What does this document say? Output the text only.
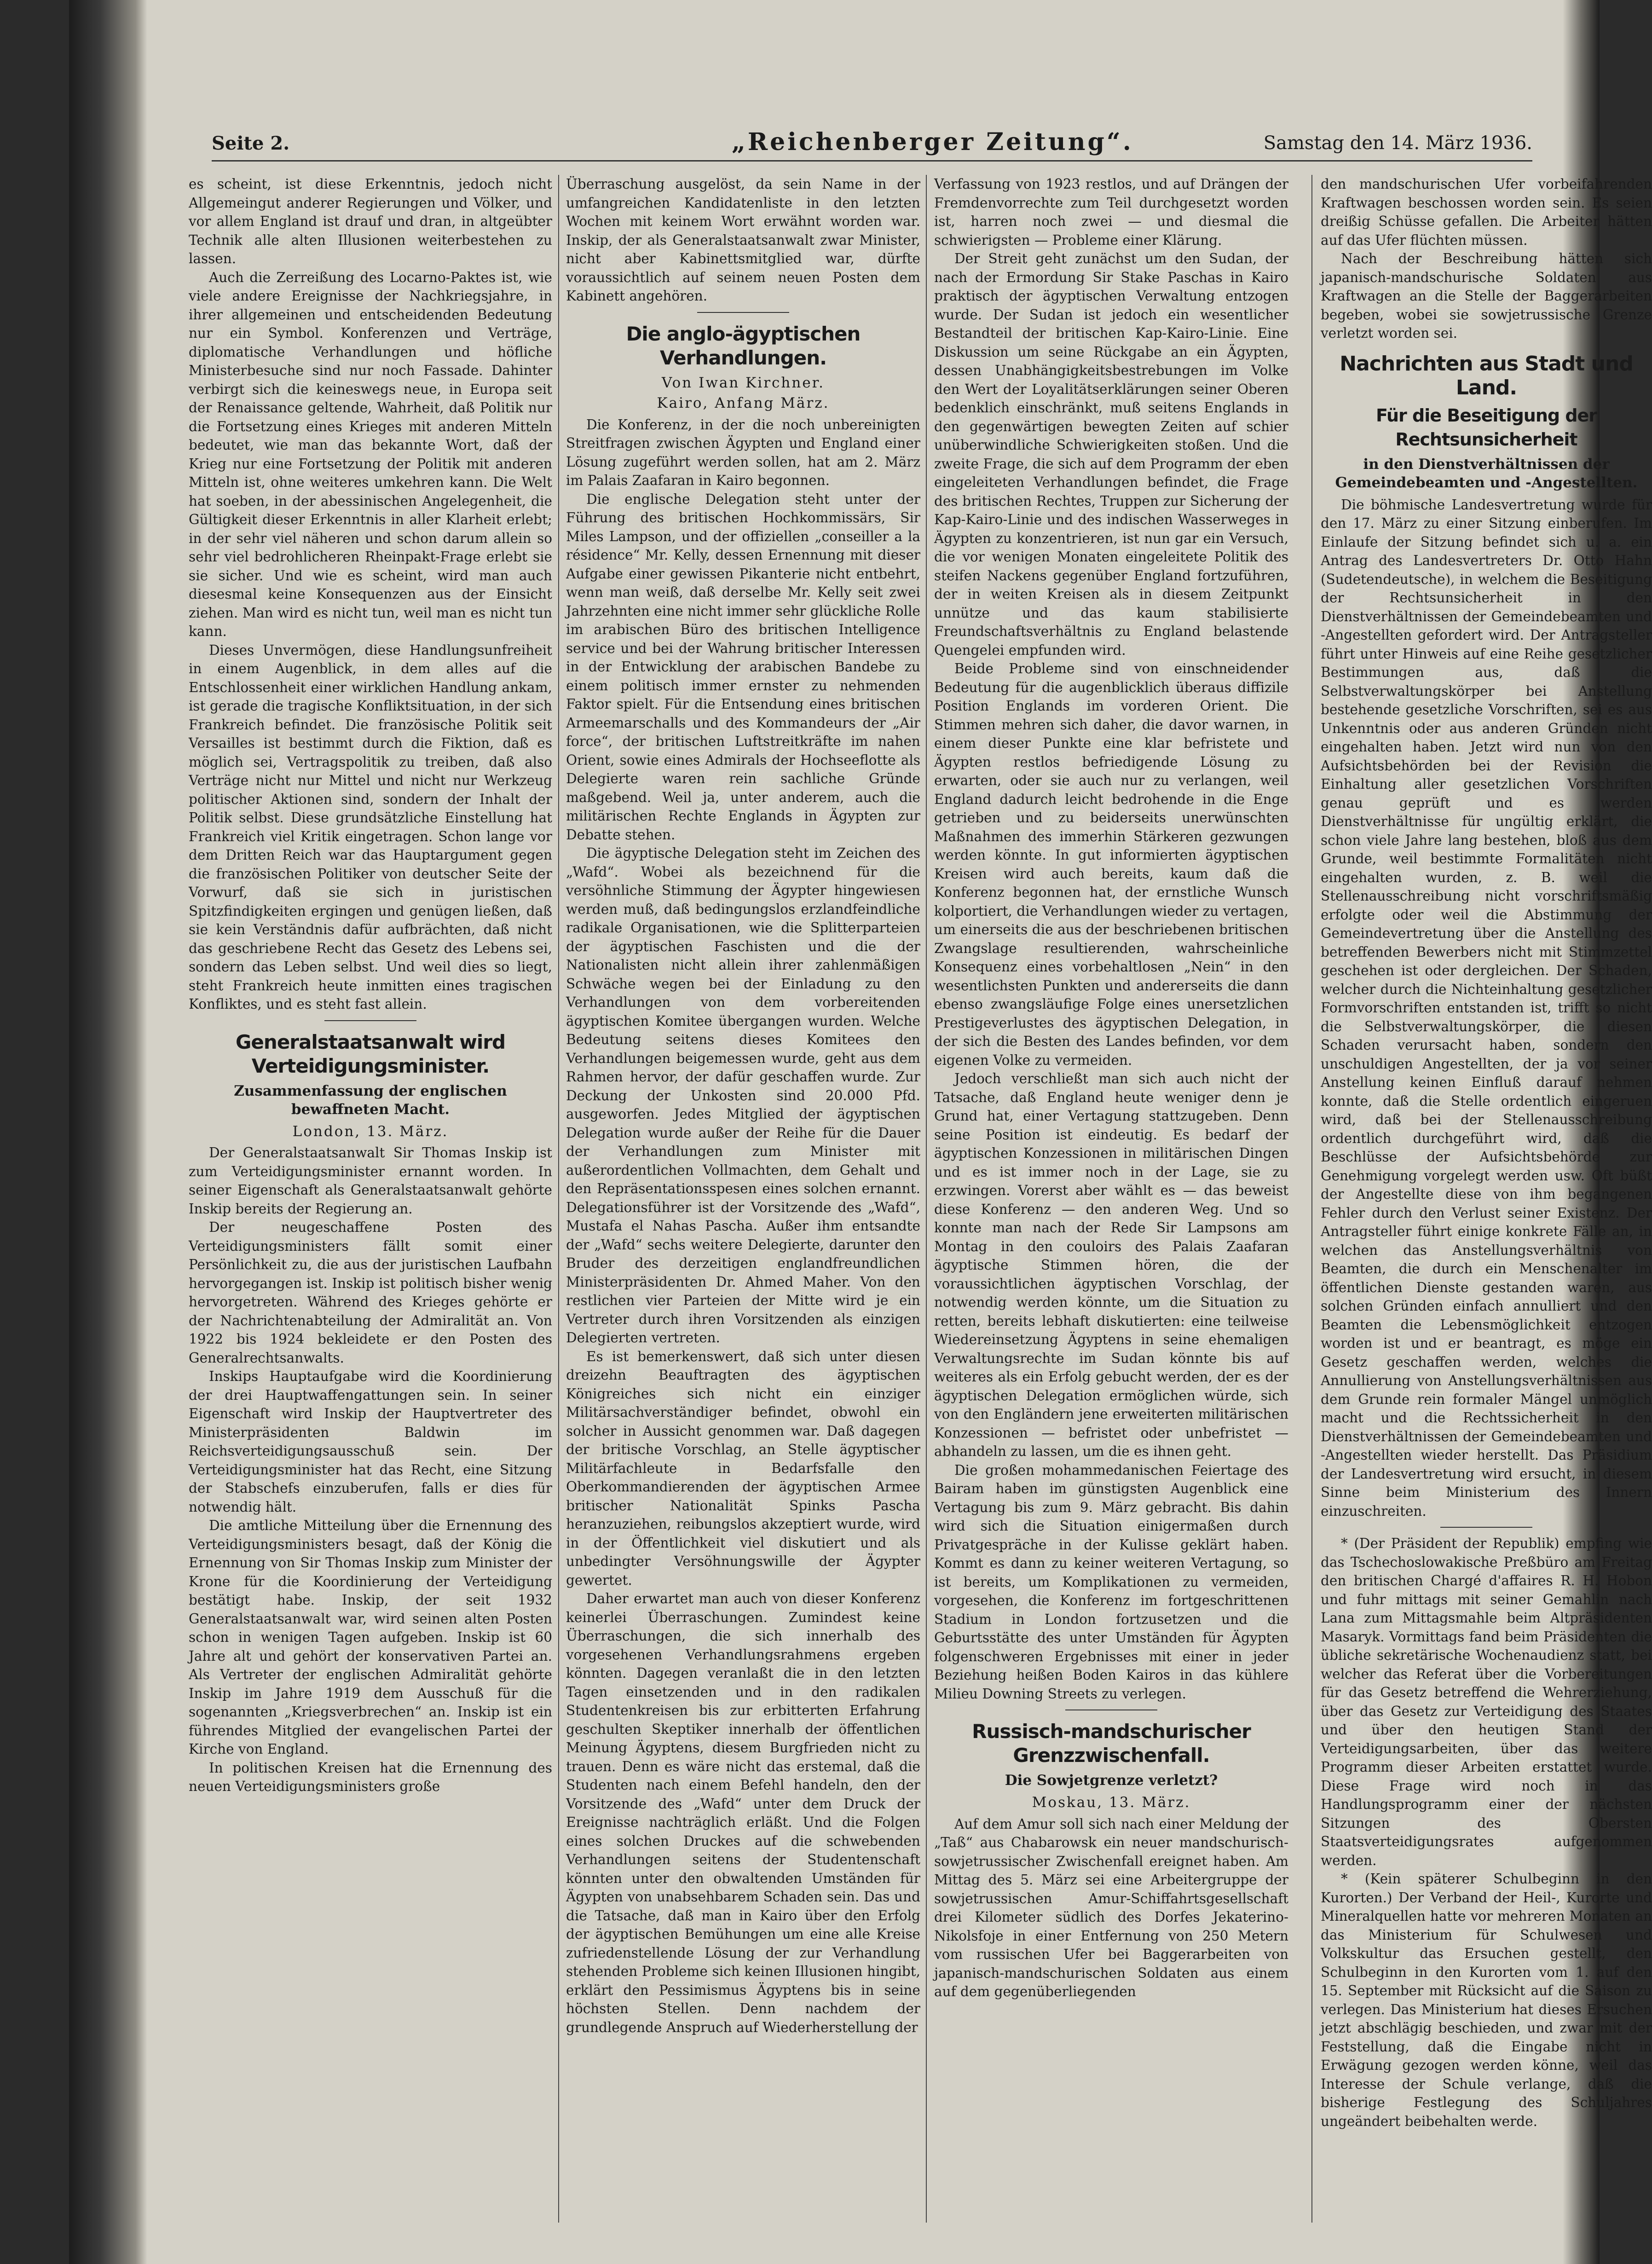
Seite 2.	„Reichenberger Zeitung“.	Samstag den 14. März 1936.

es scheint, ist diese Erkenntnis, jedoch nicht Allgemeingut anderer Regierungen und Völker, und vor allem England ist drauf und dran, in altgeübter Technik alle alten Illusionen weiterbestehen zu lassen.

Auch die Zerreißung des Locarno-Paktes ist, wie viele andere Ereignisse der Nachkriegsjahre, in ihrer allgemeinen und entscheidenden Bedeutung nur ein Symbol. Konferenzen und Verträge, diplomatische Verhandlungen und höfliche Ministerbesuche sind nur noch Fassade. Dahinter verbirgt sich die keineswegs neue, in Europa seit der Renaissance geltende, Wahrheit, daß Politik nur die Fortsetzung eines Krieges mit anderen Mitteln bedeutet, wie man das bekannte Wort, daß der Krieg nur eine Fortsetzung der Politik mit anderen Mitteln ist, ohne weiteres umkehren kann. Die Welt hat soeben, in der abessinischen Angelegenheit, die Gültigkeit dieser Erkenntnis in aller Klarheit erlebt; in der sehr viel näheren und schon darum allein so sehr viel bedrohlicheren Rheinpakt-Frage erlebt sie sie sicher. Und wie es scheint, wird man auch diesesmal keine Konsequenzen aus der Einsicht ziehen. Man wird es nicht tun, weil man es nicht tun kann.

Dieses Unvermögen, diese Handlungsunfreiheit in einem Augenblick, in dem alles auf die Entschlossenheit einer wirklichen Handlung ankam, ist gerade die tragische Konfliktsituation, in der sich Frankreich befindet. Die französische Politik seit Versailles ist bestimmt durch die Fiktion, daß es möglich sei, Vertragspolitik zu treiben, daß also Verträge nicht nur Mittel und nicht nur Werkzeug politischer Aktionen sind, sondern der Inhalt der Politik selbst. Diese grundsätzliche Einstellung hat Frankreich viel Kritik eingetragen. Schon lange vor dem Dritten Reich war das Hauptargument gegen die französischen Politiker von deutscher Seite der Vorwurf, daß sie sich in juristischen Spitzfindigkeiten ergingen und genügen ließen, daß sie kein Verständnis dafür aufbrächten, daß nicht das geschriebene Recht das Gesetz des Lebens sei, sondern das Leben selbst. Und weil dies so liegt, steht Frankreich heute inmitten eines tragischen Konfliktes, und es steht fast allein.

Generalstaatsanwalt wird Verteidigungsminister.
Zusammenfassung der englischen bewaffneten Macht.
London, 13. März.

Der Generalstaatsanwalt Sir Thomas Inskip ist zum Verteidigungsminister ernannt worden. In seiner Eigenschaft als Generalstaatsanwalt gehörte Inskip bereits der Regierung an.

Der neugeschaffene Posten des Verteidigungsministers fällt somit einer Persönlichkeit zu, die aus der juristischen Laufbahn hervorgegangen ist. Inskip ist politisch bisher wenig hervorgetreten. Während des Krieges gehörte er der Nachrichtenabteilung der Admiralität an. Von 1922 bis 1924 bekleidete er den Posten des Generalrechtsanwalts.

Inskips Hauptaufgabe wird die Koordinierung der drei Hauptwaffengattungen sein. In seiner Eigenschaft wird Inskip der Hauptvertreter des Ministerpräsidenten Baldwin im Reichsverteidigungsausschuß sein. Der Verteidigungsminister hat das Recht, eine Sitzung der Stabschefs einzuberufen, falls er dies für notwendig hält.

Die amtliche Mitteilung über die Ernennung des Verteidigungsministers besagt, daß der König die Ernennung von Sir Thomas Inskip zum Minister der Krone für die Koordinierung der Verteidigung bestätigt habe. Inskip, der seit 1932 Generalstaatsanwalt war, wird seinen alten Posten schon in wenigen Tagen aufgeben. Inskip ist 60 Jahre alt und gehört der konservativen Partei an. Als Vertreter der englischen Admiralität gehörte Inskip im Jahre 1919 dem Ausschuß für die sogenannten „Kriegsverbrechen“ an. Inskip ist ein führendes Mitglied der evangelischen Partei der Kirche von England.

In politischen Kreisen hat die Ernennung des neuen Verteidigungsministers große

Überraschung ausgelöst, da sein Name in der umfangreichen Kandidatenliste in den letzten Wochen mit keinem Wort erwähnt worden war. Inskip, der als Generalstaatsanwalt zwar Minister, nicht aber Kabinettsmitglied war, dürfte voraussichtlich auf seinem neuen Posten dem Kabinett angehören.

Die anglo-ägyptischen Verhandlungen.
Von Iwan Kirchner.
Kairo, Anfang März.

Die Konferenz, in der die noch unbereinigten Streitfragen zwischen Ägypten und England einer Lösung zugeführt werden sollen, hat am 2. März im Palais Zaafaran in Kairo begonnen.

Die englische Delegation steht unter der Führung des britischen Hochkommissärs, Sir Miles Lampson, und der offiziellen „conseiller a la résidence“ Mr. Kelly, dessen Ernennung mit dieser Aufgabe einer gewissen Pikanterie nicht entbehrt, wenn man weiß, daß derselbe Mr. Kelly seit zwei Jahrzehnten eine nicht immer sehr glückliche Rolle im arabischen Büro des britischen Intelligence service und bei der Wahrung britischer Interessen in der Entwicklung der arabischen Bandebe zu einem politisch immer ernster zu nehmenden Faktor spielt. Für die Entsendung eines britischen Armeemarschalls und des Kommandeurs der „Air force“, der britischen Luftstreitkräfte im nahen Orient, sowie eines Admirals der Hochseeflotte als Delegierte waren rein sachliche Gründe maßgebend. Weil ja, unter anderem, auch die militärischen Rechte Englands in Ägypten zur Debatte stehen.

Die ägyptische Delegation steht im Zeichen des „Wafd“. Wobei als bezeichnend für die versöhnliche Stimmung der Ägypter hingewiesen werden muß, daß bedingungslos erzlandfeindliche radikale Organisationen, wie die Splitterparteien der ägyptischen Faschisten und die der Nationalisten nicht allein ihrer zahlenmäßigen Schwäche wegen bei der Einladung zu den Verhandlungen von dem vorbereitenden ägyptischen Komitee übergangen wurden. Welche Bedeutung seitens dieses Komitees den Verhandlungen beigemessen wurde, geht aus dem Rahmen hervor, der dafür geschaffen wurde. Zur Deckung der Unkosten sind 20.000 Pfd. ausgeworfen. Jedes Mitglied der ägyptischen Delegation wurde außer der Reihe für die Dauer der Verhandlungen zum Minister mit außerordentlichen Vollmachten, dem Gehalt und den Repräsentationsspesen eines solchen ernannt. Delegationsführer ist der Vorsitzende des „Wafd“, Mustafa el Nahas Pascha. Außer ihm entsandte der „Wafd“ sechs weitere Delegierte, darunter den Bruder des derzeitigen englandfreundlichen Ministerpräsidenten Dr. Ahmed Maher. Von den restlichen vier Parteien der Mitte wird je ein Vertreter durch ihren Vorsitzenden als einzigen Delegierten vertreten.

Es ist bemerkenswert, daß sich unter diesen dreizehn Beauftragten des ägyptischen Königreiches sich nicht ein einziger Militärsachverständiger befindet, obwohl ein solcher in Aussicht genommen war. Daß dagegen der britische Vorschlag, an Stelle ägyptischer Militärfachleute in Bedarfsfalle den Oberkommandierenden der ägyptischen Armee britischer Nationalität Spinks Pascha heranzuziehen, reibungslos akzeptiert wurde, wird in der Öffentlichkeit viel diskutiert und als unbedingter Versöhnungswille der Ägypter gewertet.

Daher erwartet man auch von dieser Konferenz keinerlei Überraschungen. Zumindest keine Überraschungen, die sich innerhalb des vorgesehenen Verhandlungsrahmens ergeben könnten. Dagegen veranlaßt die in den letzten Tagen einsetzenden und in den radikalen Studentenkreisen bis zur erbitterten Erfahrung geschulten Skeptiker innerhalb der öffentlichen Meinung Ägyptens, diesem Burgfrieden nicht zu trauen. Denn es wäre nicht das erstemal, daß die Studenten nach einem Befehl handeln, den der Vorsitzende des „Wafd“ unter dem Druck der Ereignisse nachträglich erläßt. Und die Folgen eines solchen Druckes auf die schwebenden Verhandlungen seitens der Studentenschaft könnten unter den obwaltenden Umständen für Ägypten von unabsehbarem Schaden sein. Das und die Tatsache, daß man in Kairo über den Erfolg der ägyptischen Bemühungen um eine alle Kreise zufriedenstellende Lösung der zur Verhandlung stehenden Probleme sich keinen Illusionen hingibt, erklärt den Pessimismus Ägyptens bis in seine höchsten Stellen. Denn nachdem der grundlegende Anspruch auf Wiederherstellung der

Verfassung von 1923 restlos, und auf Drängen der Fremdenvorrechte zum Teil durchgesetzt worden ist, harren noch zwei — und diesmal die schwierigsten — Probleme einer Klärung.

Der Streit geht zunächst um den Sudan, der nach der Ermordung Sir Stake Paschas in Kairo praktisch der ägyptischen Verwaltung entzogen wurde. Der Sudan ist jedoch ein wesentlicher Bestandteil der britischen Kap-Kairo-Linie. Eine Diskussion um seine Rückgabe an ein Ägypten, dessen Unabhängigkeitsbestrebungen im Volke den Wert der Loyalitätserklärungen seiner Oberen bedenklich einschränkt, muß seitens Englands in den gegenwärtigen bewegten Zeiten auf schier unüberwindliche Schwierigkeiten stoßen. Und die zweite Frage, die sich auf dem Programm der eben eingeleiteten Verhandlungen befindet, die Frage des britischen Rechtes, Truppen zur Sicherung der Kap-Kairo-Linie und des indischen Wasserweges in Ägypten zu konzentrieren, ist nun gar ein Versuch, die vor wenigen Monaten eingeleitete Politik des steifen Nackens gegenüber England fortzuführen, der in weiten Kreisen als in diesem Zeitpunkt unnütze und das kaum stabilisierte Freundschaftsverhältnis zu England belastende Quengelei empfunden wird.

Beide Probleme sind von einschneidender Bedeutung für die augenblicklich überaus diffizile Position Englands im vorderen Orient. Die Stimmen mehren sich daher, die davor warnen, in einem dieser Punkte eine klar befristete und Ägypten restlos befriedigende Lösung zu erwarten, oder sie auch nur zu verlangen, weil England dadurch leicht bedrohende in die Enge getrieben und zu beiderseits unerwünschten Maßnahmen des immerhin Stärkeren gezwungen werden könnte. In gut informierten ägyptischen Kreisen wird auch bereits, kaum daß die Konferenz begonnen hat, der ernstliche Wunsch kolportiert, die Verhandlungen wieder zu vertagen, um einerseits die aus der beschriebenen britischen Zwangslage resultierenden, wahrscheinliche Konsequenz eines vorbehaltlosen „Nein“ in den wesentlichsten Punkten und andererseits die dann ebenso zwangsläufige Folge eines unersetzlichen Prestigeverlustes des ägyptischen Delegation, in der sich die Besten des Landes befinden, vor dem eigenen Volke zu vermeiden.

Jedoch verschließt man sich auch nicht der Tatsache, daß England heute weniger denn je Grund hat, einer Vertagung stattzugeben. Denn seine Position ist eindeutig. Es bedarf der ägyptischen Konzessionen in militärischen Dingen und es ist immer noch in der Lage, sie zu erzwingen. Vorerst aber wählt es — das beweist diese Konferenz — den anderen Weg. Und so konnte man nach der Rede Sir Lampsons am Montag in den couloirs des Palais Zaafaran ägyptische Stimmen hören, die der voraussichtlichen ägyptischen Vorschlag, der notwendig werden könnte, um die Situation zu retten, bereits lebhaft diskutierten: eine teilweise Wiedereinsetzung Ägyptens in seine ehemaligen Verwaltungsrechte im Sudan könnte bis auf weiteres als ein Erfolg gebucht werden, der es der ägyptischen Delegation ermöglichen würde, sich von den Engländern jene erweiterten militärischen Konzessionen — befristet oder unbefristet — abhandeln zu lassen, um die es ihnen geht.

Die großen mohammedanischen Feiertage des Bairam haben im günstigsten Augenblick eine Vertagung bis zum 9. März gebracht. Bis dahin wird sich die Situation einigermaßen durch Privatgespräche in der Kulisse geklärt haben. Kommt es dann zu keiner weiteren Vertagung, so ist bereits, um Komplikationen zu vermeiden, vorgesehen, die Konferenz im fortgeschrittenen Stadium in London fortzusetzen und die Geburtsstätte des unter Umständen für Ägypten folgenschweren Ergebnisses mit einer in jeder Beziehung heißen Boden Kairos in das kühlere Milieu Downing Streets zu verlegen.

Russisch-mandschurischer Grenzzwischenfall.
Die Sowjetgrenze verletzt?
Moskau, 13. März.

Auf dem Amur soll sich nach einer Meldung der „Taß“ aus Chabarowsk ein neuer mandschurisch-sowjetrussischer Zwischenfall ereignet haben. Am Mittag des 5. März sei eine Arbeitergruppe der sowjetrussischen Amur-Schiffahrtsgesellschaft drei Kilometer südlich des Dorfes Jekaterino-Nikolsfoje in einer Entfernung von 250 Metern vom russischen Ufer bei Baggerarbeiten von japanisch-mandschurischen Soldaten aus einem auf dem gegenüberliegenden

den mandschurischen Ufer vorbeifahrenden Kraftwagen beschossen worden sein. Es seien dreißig Schüsse gefallen. Die Arbeiter hätten auf das Ufer flüchten müssen.

Nach der Beschreibung hätten sich japanisch-mandschurische Soldaten aus Kraftwagen an die Stelle der Baggerarbeiten begeben, wobei sie sowjetrussische Grenze verletzt worden sei.

Nachrichten aus Stadt und Land.
Für die Beseitigung der Rechtsunsicherheit
in den Dienstverhältnissen der Gemeindebeamten und -Angestellten.

Die böhmische Landesvertretung wurde für den 17. März zu einer Sitzung einberufen. Im Einlaufe der Sitzung befindet sich u. a. ein Antrag des Landesvertreters Dr. Otto Hahn (Sudetendeutsche), in welchem die Beseitigung der Rechtsunsicherheit in den Dienstverhältnissen der Gemeindebeamten und -Angestellten gefordert wird. Der Antragsteller führt unter Hinweis auf eine Reihe gesetzlicher Bestimmungen aus, daß die Selbstverwaltungskörper bei Anstellung bestehende gesetzliche Vorschriften, sei es aus Unkenntnis oder aus anderen Gründen nicht eingehalten haben. Jetzt wird nun von den Aufsichtsbehörden bei der Revision die Einhaltung aller gesetzlichen Vorschriften genau geprüft und es werden Dienstverhältnisse für ungültig erklärt, die schon viele Jahre lang bestehen, bloß aus dem Grunde, weil bestimmte Formalitäten nicht eingehalten wurden, z. B. weil die Stellenausschreibung nicht vorschriftsmäßig erfolgte oder weil die Abstimmung der Gemeindevertretung über die Anstellung des betreffenden Bewerbers nicht mit Stimmzettel geschehen ist oder dergleichen. Der Schaden, welcher durch die Nichteinhaltung gesetzlicher Formvorschriften entstanden ist, trifft so nicht die Selbstverwaltungskörper, die diesen Schaden verursacht haben, sondern den unschuldigen Angestellten, der ja vor seiner Anstellung keinen Einfluß darauf nehmen konnte, daß die Stelle ordentlich eingeruen wird, daß bei der Stellenausschreibung ordentlich durchgeführt wird, daß die Beschlüsse der Aufsichtsbehörde zur Genehmigung vorgelegt werden usw. Oft büßt der Angestellte diese von ihm begangenen Fehler durch den Verlust seiner Existenz. Der Antragsteller führt einige konkrete Fälle an, in welchen das Anstellungsverhältnis von Beamten, die durch ein Menschenalter im öffentlichen Dienste gestanden waren, aus solchen Gründen einfach annulliert und den Beamten die Lebensmöglichkeit entzogen worden ist und er beantragt, es möge ein Gesetz geschaffen werden, welches die Annullierung von Anstellungsverhältnissen aus dem Grunde rein formaler Mängel unmöglich macht und die Rechtssicherheit in den Dienstverhältnissen der Gemeindebeamten und -Angestellten wieder herstellt. Das Präsidium der Landesvertretung wird ersucht, in diesem Sinne beim Ministerium des Innern einzuschreiten.

* (Der Präsident der Republik) empfing wie das Tschechoslowakische Preßbüro am Freitag den britischen Chargé d'affaires R. H. Hobon und fuhr mittags mit seiner Gemahlin nach Lana zum Mittagsmahle beim Altpräsidenten Masaryk. Vormittags fand beim Präsidenten die übliche sekretärische Wochenaudienz statt, bei welcher das Referat über die Vorbereitungen für das Gesetz betreffend die Wehrerziehung, über das Gesetz zur Verteidigung des Staates und über den heutigen Stand der Verteidigungsarbeiten, über das weitere Programm dieser Arbeiten erstattet wurde. Diese Frage wird noch in das Handlungsprogramm einer der nächsten Sitzungen des Obersten Staatsverteidigungsrates aufgenommen werden.

* (Kein späterer Schulbeginn in den Kurorten.) Der Verband der Heil-, Kurorte und Mineralquellen hatte vor mehreren Monaten an das Ministerium für Schulwesen und Volkskultur das Ersuchen gestellt, den Schulbeginn in den Kurorten vom 1. auf den 15. September mit Rücksicht auf die Saison zu verlegen. Das Ministerium hat dieses Ersuchen jetzt abschlägig beschieden, und zwar mit der Feststellung, daß die Eingabe nicht in Erwägung gezogen werden könne, weil das Interesse der Schule verlange, daß die bisherige Festlegung des Schuljahres ungeändert beibehalten werde.
